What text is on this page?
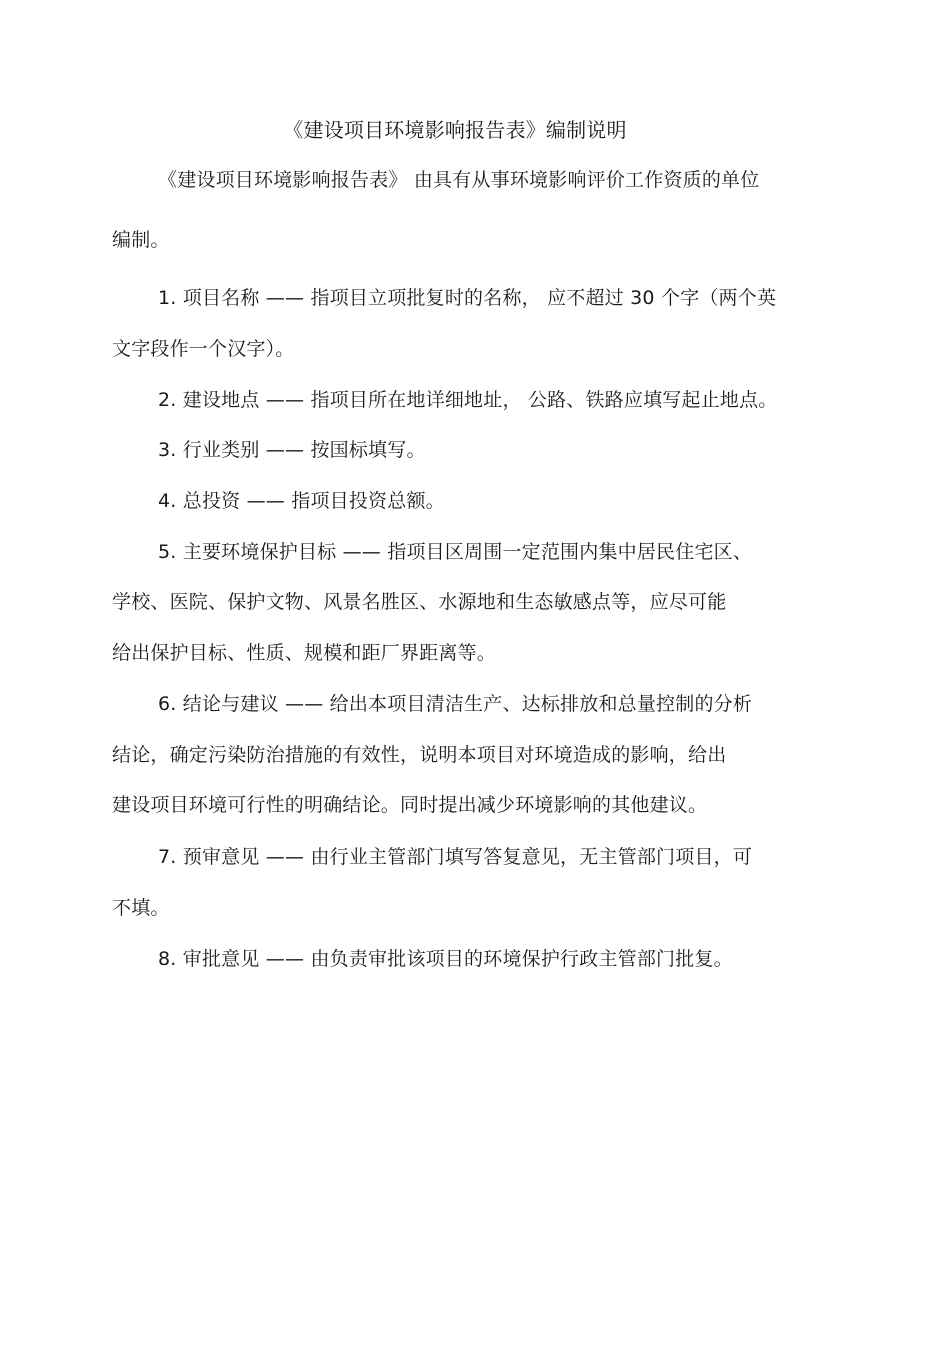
《建设项目环境影响报告表》编制说明
《建设项目环境影响报告表》 由具有从事环境影响评价工作资质的单位
编制。
1. 项目名称 —— 指项目立项批复时的名称， 应不超过 30 个字（两个英
文字段作一个汉字）。
2. 建设地点 —— 指项目所在地详细地址， 公路、铁路应填写起止地点。
3. 行业类别 —— 按国标填写。
4. 总投资 —— 指项目投资总额。
5. 主要环境保护目标 —— 指项目区周围一定范围内集中居民住宅区、
学校、医院、保护文物、风景名胜区、水源地和生态敏感点等，应尽可能
给出保护目标、性质、规模和距厂界距离等。
6. 结论与建议 —— 给出本项目清洁生产、达标排放和总量控制的分析
结论，确定污染防治措施的有效性，说明本项目对环境造成的影响，给出
建设项目环境可行性的明确结论。同时提出减少环境影响的其他建议。
7. 预审意见 —— 由行业主管部门填写答复意见，无主管部门项目，可
不填。
8. 审批意见 —— 由负责审批该项目的环境保护行政主管部门批复。
